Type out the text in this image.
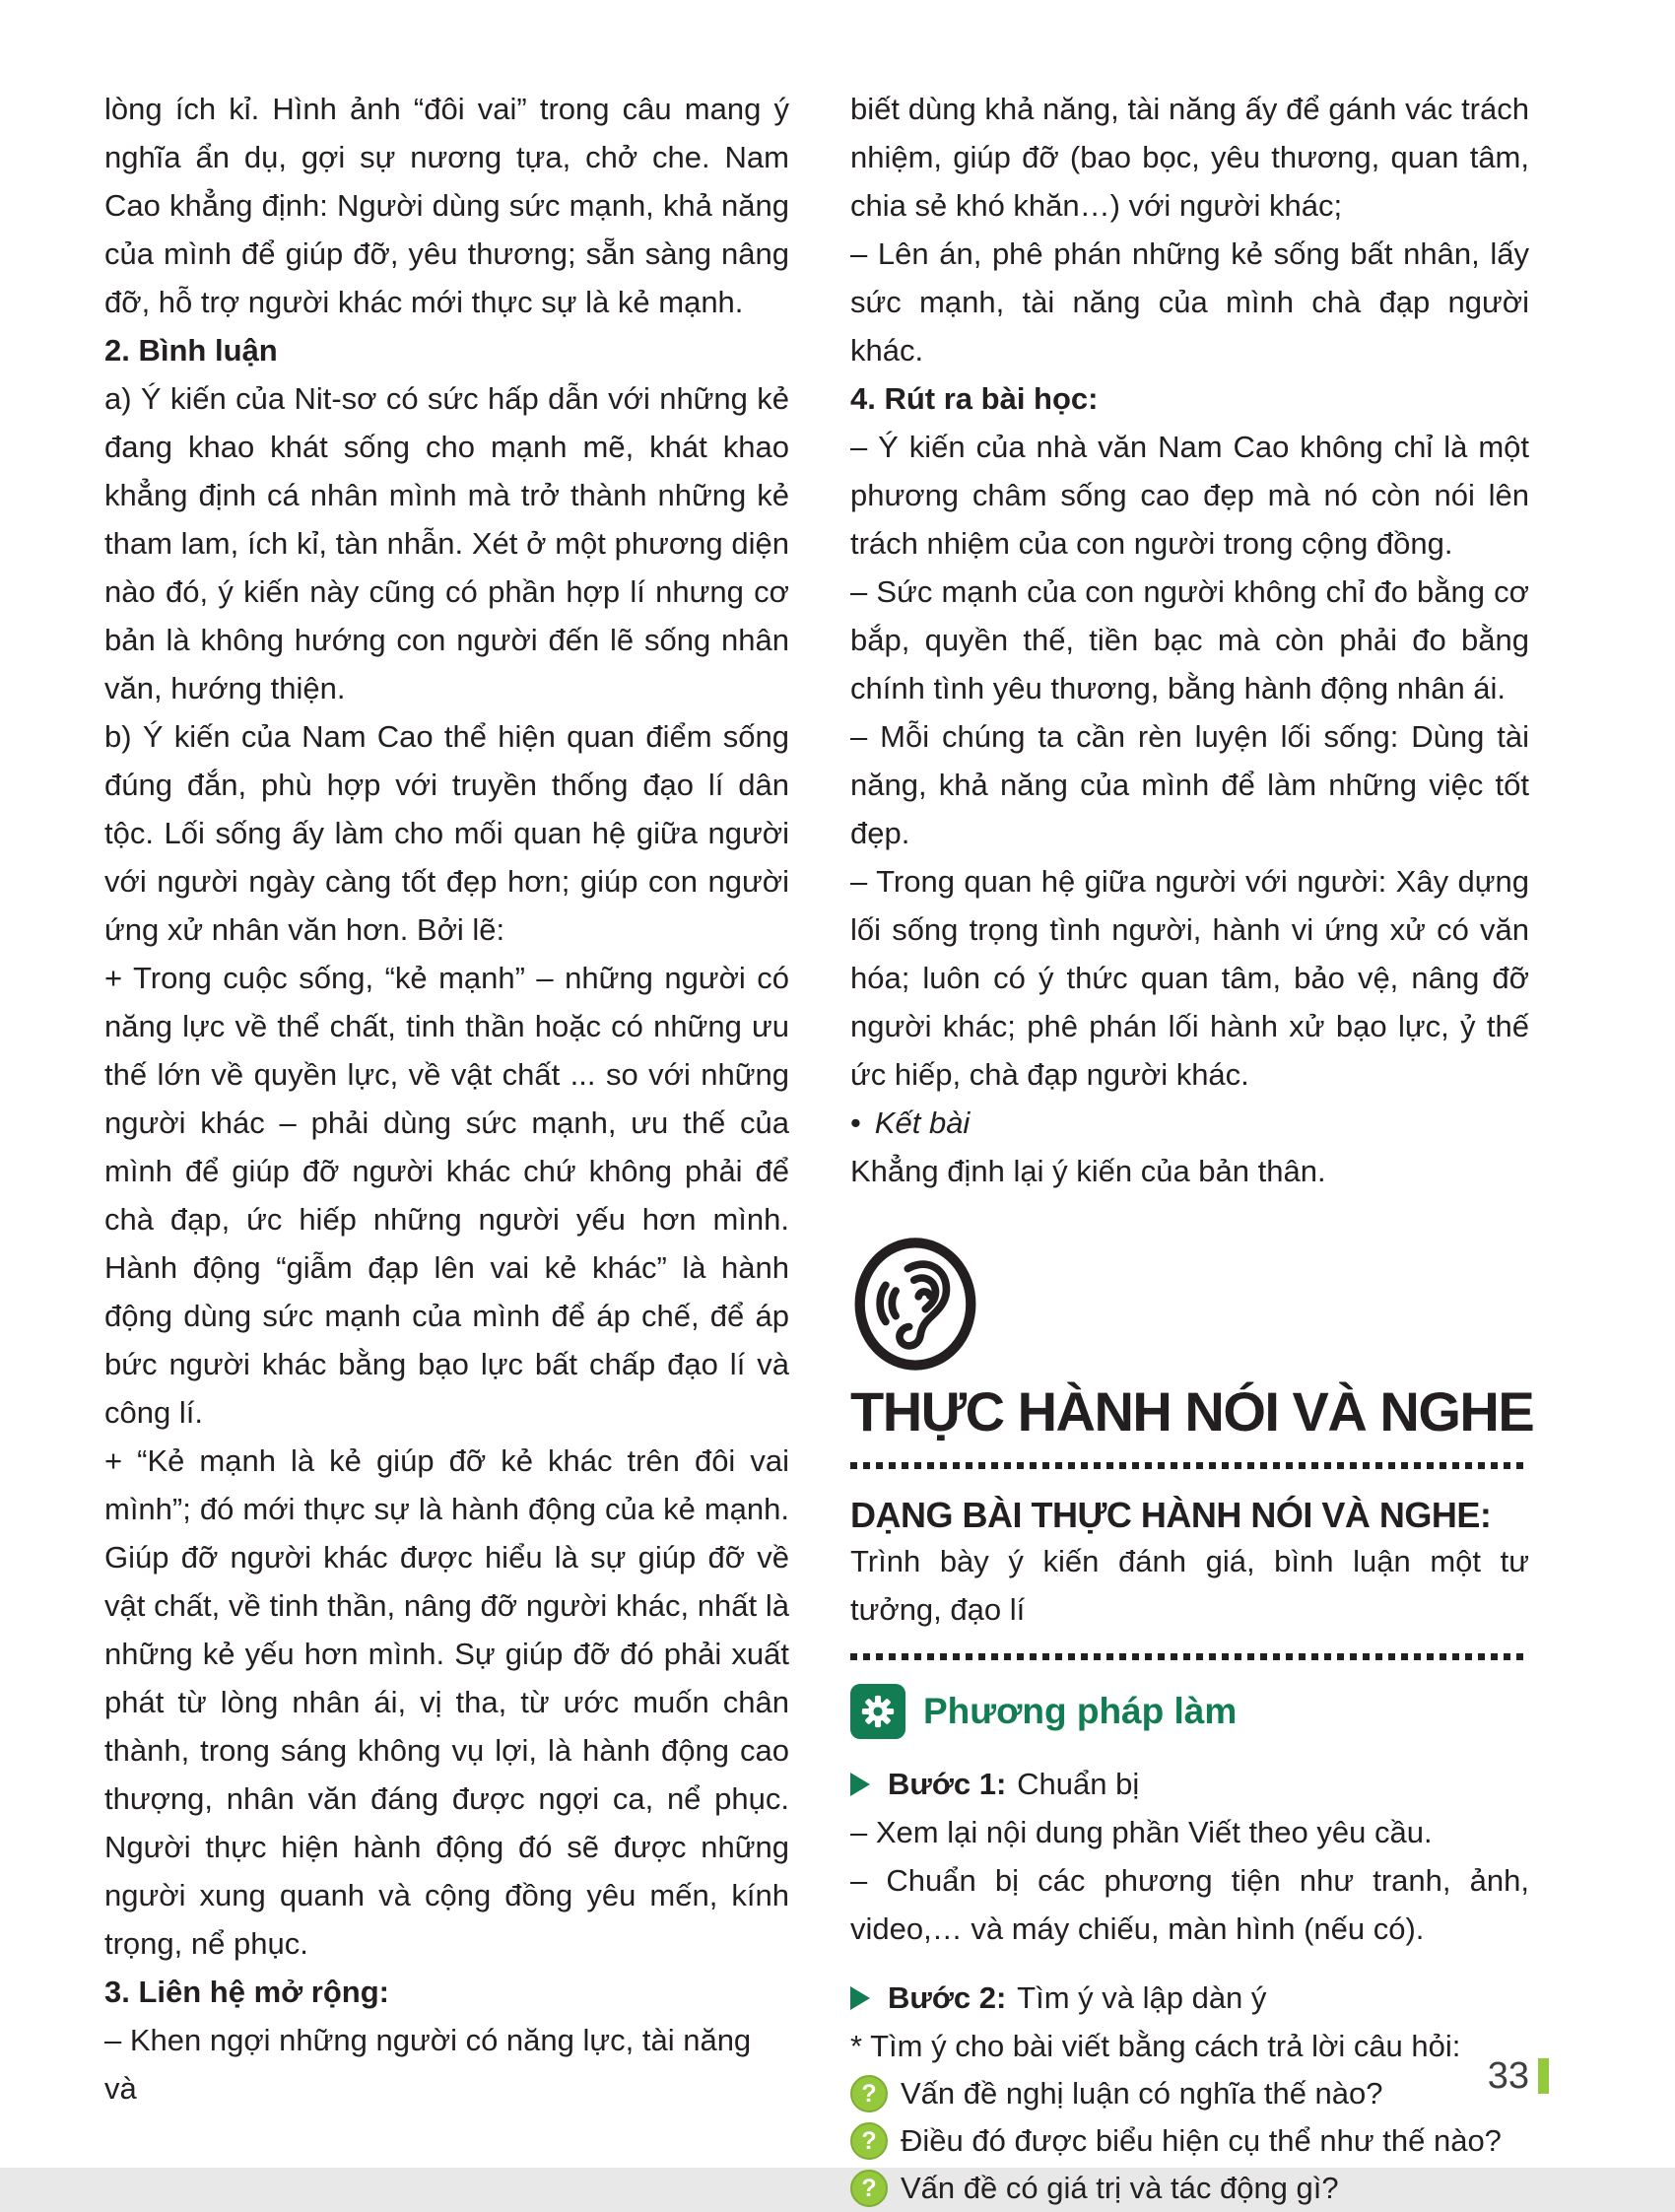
lòng ích kỉ. Hình ảnh “đôi vai” trong câu mang ý nghĩa ẩn dụ, gợi sự nương tựa, chở che. Nam Cao khẳng định: Người dùng sức mạnh, khả năng của mình để giúp đỡ, yêu thương; sẵn sàng nâng đỡ, hỗ trợ người khác mới thực sự là kẻ mạnh.

2. Bình luận

a) Ý kiến của Nit-sơ có sức hấp dẫn với những kẻ đang khao khát sống cho mạnh mẽ, khát khao khẳng định cá nhân mình mà trở thành những kẻ tham lam, ích kỉ, tàn nhẫn. Xét ở một phương diện nào đó, ý kiến này cũng có phần hợp lí nhưng cơ bản là không hướng con người đến lẽ sống nhân văn, hướng thiện.

b) Ý kiến của Nam Cao thể hiện quan điểm sống đúng đắn, phù hợp với truyền thống đạo lí dân tộc. Lối sống ấy làm cho mối quan hệ giữa người với người ngày càng tốt đẹp hơn; giúp con người ứng xử nhân văn hơn. Bởi lẽ:

+ Trong cuộc sống, “kẻ mạnh” – những người có năng lực về thể chất, tinh thần hoặc có những ưu thế lớn về quyền lực, về vật chất ... so với những người khác – phải dùng sức mạnh, ưu thế của mình để giúp đỡ người khác chứ không phải để chà đạp, ức hiếp những người yếu hơn mình. Hành động “giẫm đạp lên vai kẻ khác” là hành động dùng sức mạnh của mình để áp chế, để áp bức người khác bằng bạo lực bất chấp đạo lí và công lí.

+ “Kẻ mạnh là kẻ giúp đỡ kẻ khác trên đôi vai mình”; đó mới thực sự là hành động của kẻ mạnh. Giúp đỡ người khác được hiểu là sự giúp đỡ về vật chất, về tinh thần, nâng đỡ người khác, nhất là những kẻ yếu hơn mình. Sự giúp đỡ đó phải xuất phát từ lòng nhân ái, vị tha, từ ước muốn chân thành, trong sáng không vụ lợi, là hành động cao thượng, nhân văn đáng được ngợi ca, nể phục. Người thực hiện hành động đó sẽ được những người xung quanh và cộng đồng yêu mến, kính trọng, nể phục.

3. Liên hệ mở rộng:

– Khen ngợi những người có năng lực, tài năng và

biết dùng khả năng, tài năng ấy để gánh vác trách nhiệm, giúp đỡ (bao bọc, yêu thương, quan tâm, chia sẻ khó khăn…) với người khác;

– Lên án, phê phán những kẻ sống bất nhân, lấy sức mạnh, tài năng của mình chà đạp người khác.

4. Rút ra bài học:

– Ý kiến của nhà văn Nam Cao không chỉ là một phương châm sống cao đẹp mà nó còn nói lên trách nhiệm của con người trong cộng đồng.

– Sức mạnh của con người không chỉ đo bằng cơ bắp, quyền thế, tiền bạc mà còn phải đo bằng chính tình yêu thương, bằng hành động nhân ái.

– Mỗi chúng ta cần rèn luyện lối sống: Dùng tài năng, khả năng của mình để làm những việc tốt đẹp.

– Trong quan hệ giữa người với người: Xây dựng lối sống trọng tình người, hành vi ứng xử có văn hóa; luôn có ý thức quan tâm, bảo vệ, nâng đỡ người khác; phê phán lối hành xử bạo lực, ỷ thế ức hiếp, chà đạp người khác.

• Kết bài

Khẳng định lại ý kiến của bản thân.

THỰC HÀNH NÓI VÀ NGHE
DẠNG BÀI THỰC HÀNH NÓI VÀ NGHE:

Trình bày ý kiến đánh giá, bình luận một tư tưởng, đạo lí

Phương pháp làm
Bước 1: Chuẩn bị

– Xem lại nội dung phần Viết theo yêu cầu.

– Chuẩn bị các phương tiện như tranh, ảnh, video,… và máy chiếu, màn hình (nếu có).

Bước 2: Tìm ý và lập dàn ý

* Tìm ý cho bài viết bằng cách trả lời câu hỏi:

? Vấn đề nghị luận có nghĩa thế nào?
? Điều đó được biểu hiện cụ thể như thế nào?
? Vấn đề có giá trị và tác động gì?
33
